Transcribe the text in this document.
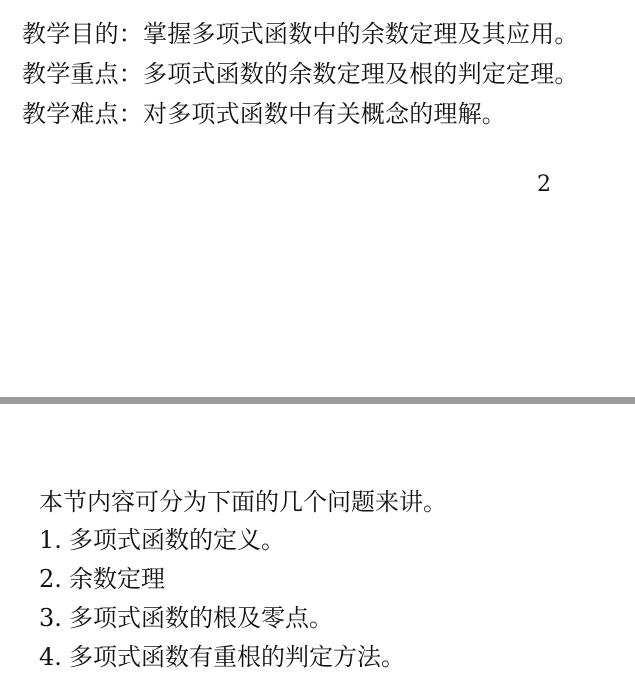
教学目的：掌握多项式函数中的余数定理及其应用。
教学重点：多项式函数的余数定理及根的判定定理。
教学难点：对多项式函数中有关概念的理解。
2
本节内容可分为下面的几个问题来讲。
1. 多项式函数的定义。
2. 余数定理
3. 多项式函数的根及零点。
4. 多项式函数有重根的判定方法。
